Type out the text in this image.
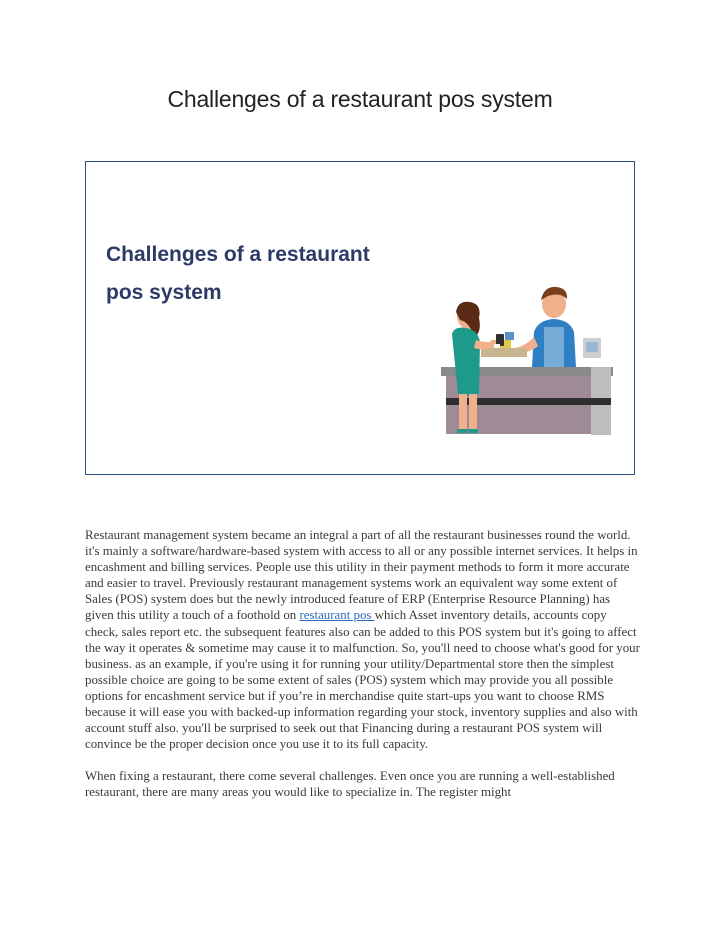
Challenges of a restaurant pos system
Challenges of a restaurant
pos system

Restaurant management system became an integral a part of all the restaurant businesses round the world. it's mainly a software/hardware-based system with access to all or any possible internet services. It helps in encashment and billing services. People use this utility in their payment methods to form it more accurate and easier to travel. Previously restaurant management systems work an equivalent way some extent of Sales (POS) system does but the newly introduced feature of ERP (Enterprise Resource Planning) has given this utility a touch of a foothold on restaurant pos which Asset inventory details, accounts copy check, sales report etc. the subsequent features also can be added to this POS system but it's going to affect the way it operates & sometime may cause it to malfunction. So, you'll need to choose what's good for your business. as an example, if you're using it for running your utility/Departmental store then the simplest possible choice are going to be some extent of sales (POS) system which may provide you all possible options for encashment service but if you’re in merchandise quite start-ups you want to choose RMS because it will ease you with backed-up information regarding your stock, inventory supplies and also with account stuff also. you'll be surprised to seek out that Financing during a restaurant POS system will convince be the proper decision once you use it to its full capacity.

When fixing a restaurant, there come several challenges. Even once you are running a well-established restaurant, there are many areas you would like to specialize in. The register might
